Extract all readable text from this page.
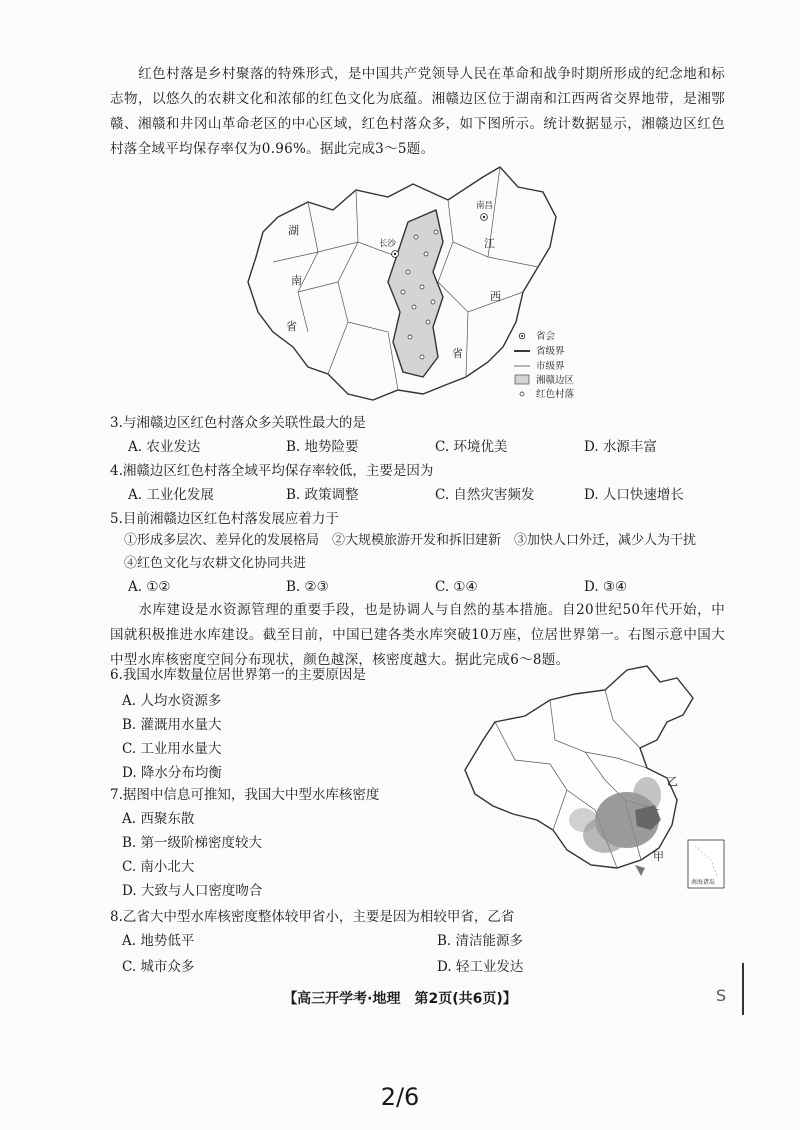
红色村落是乡村聚落的特殊形式，是中国共产党领导人民在革命和战争时期所形成的纪念地和标志物，以悠久的农耕文化和浓郁的红色文化为底蕴。湘赣边区位于湖南和江西两省交界地带，是湘鄂赣、湘赣和井冈山革命老区的中心区域，红色村落众多，如下图所示。统计数据显示，湘赣边区红色村落全域平均保存率仅为0.96%。据此完成3～5题。

湖
南
省
江
西
省
长沙
南昌
省会
省级界
市级界
湘赣边区
红色村落

3.与湘赣边区红色村落众多关联性最大的是

A. 农业发达	B. 地势险要	C. 环境优美	D. 水源丰富

4.湘赣边区红色村落全域平均保存率较低，主要是因为

A. 工业化发展	B. 政策调整	C. 自然灾害频发	D. 人口快速增长

5.目前湘赣边区红色村落发展应着力于

①形成多层次、差异化的发展格局　②大规模旅游开发和拆旧建新　③加快人口外迁，减少人为干扰
④红色文化与农耕文化协同共进
A. ①②	B. ②③	C. ①④	D. ③④

水库建设是水资源管理的重要手段，也是协调人与自然的基本措施。自20世纪50年代开始，中国就积极推进水库建设。截至目前，中国已建各类水库突破10万座，位居世界第一。右图示意中国大中型水库核密度空间分布现状，颜色越深，核密度越大。据此完成6～8题。

乙
甲
南海诸岛

6.我国水库数量位居世界第一的主要原因是

A. 人均水资源多
B. 灌溉用水量大
C. 工业用水量大
D. 降水分布均衡

7.据图中信息可推知，我国大中型水库核密度

A. 西聚东散
B. 第一级阶梯密度较大
C. 南小北大
D. 大致与人口密度吻合

8.乙省大中型水库核密度整体较甲省小，主要是因为相较甲省，乙省

A. 地势低平	B. 清洁能源多
C. 城市众多	D. 轻工业发达
【高三开学考·地理　第2页(共6页)】	S
2/6
